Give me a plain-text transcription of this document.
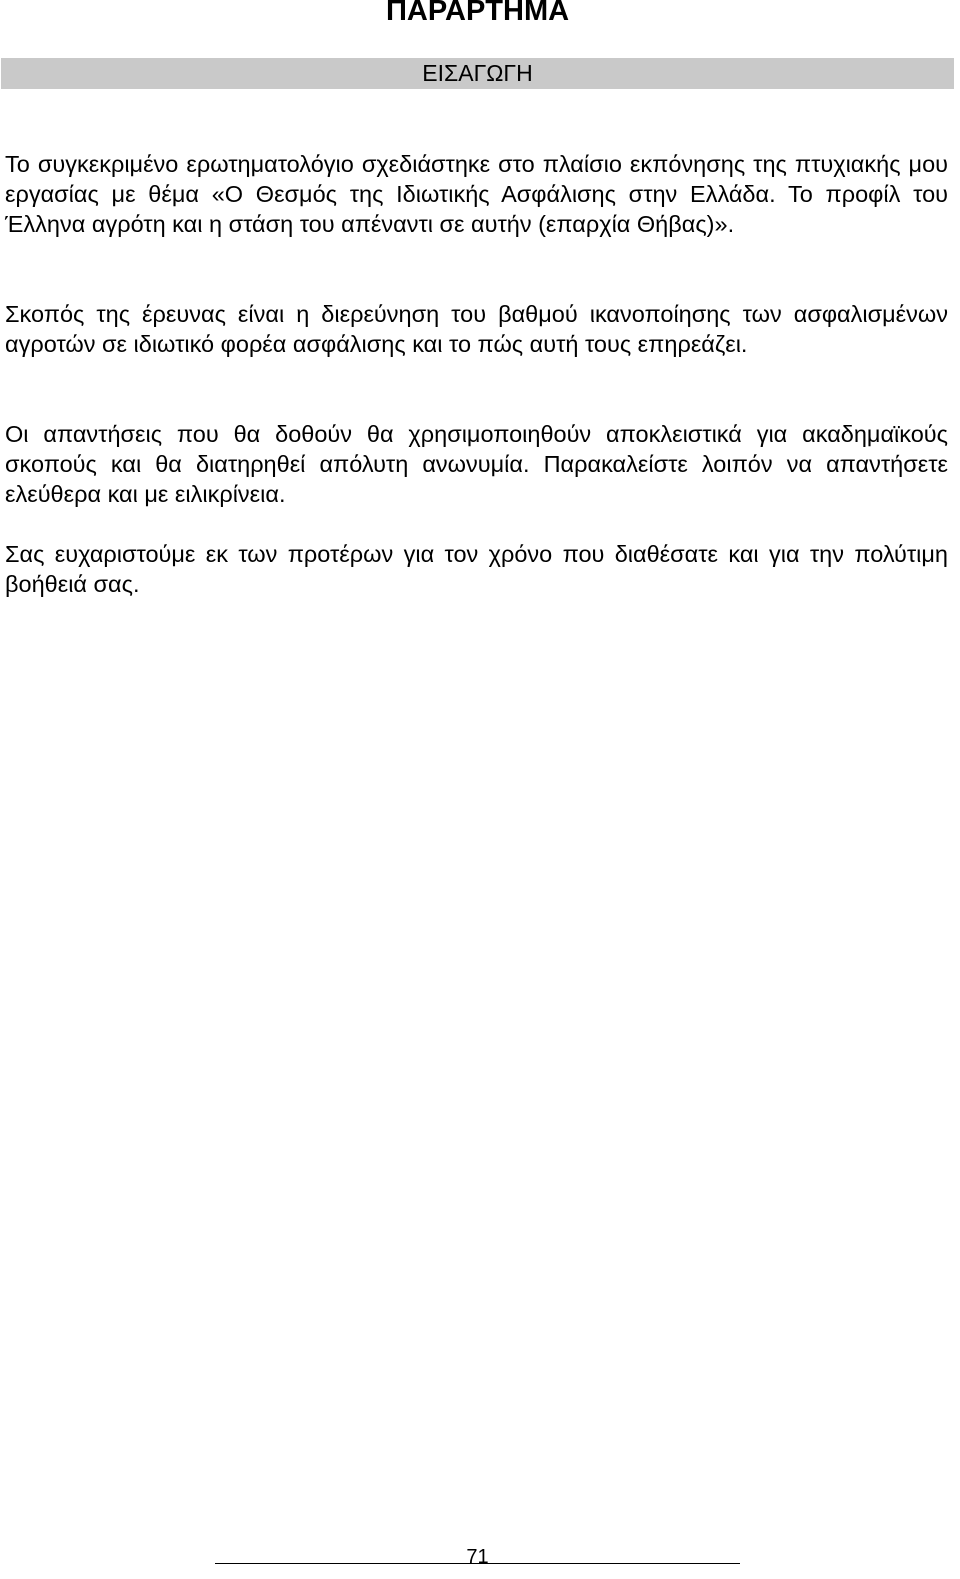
ΠΑΡΑΡΤΗΜΑ
ΕΙΣΑΓΩΓΗ

Το συγκεκριμένο ερωτηματολόγιο σχεδιάστηκε στο πλαίσιο εκπόνησης της πτυχιακής μου εργασίας με θέμα «Ο Θεσμός της Ιδιωτικής Ασφάλισης στην Ελλάδα. Το προφίλ του Έλληνα αγρότη και η στάση του απέναντι σε αυτήν (επαρχία Θήβας)».

Σκοπός της έρευνας είναι η διερεύνηση του βαθμού ικανοποίησης των ασφαλισμένων αγροτών σε ιδιωτικό φορέα ασφάλισης και το πώς αυτή τους επηρεάζει.

Οι απαντήσεις που θα δοθούν θα χρησιμοποιηθούν αποκλειστικά για ακαδημαϊκούς σκοπούς και θα διατηρηθεί απόλυτη ανωνυμία. Παρακαλείστε λοιπόν να απαντήσετε ελεύθερα και με ειλικρίνεια.

Σας ευχαριστούμε εκ των προτέρων για τον χρόνο που διαθέσατε και για την πολύτιμη βοήθειά σας.

71
